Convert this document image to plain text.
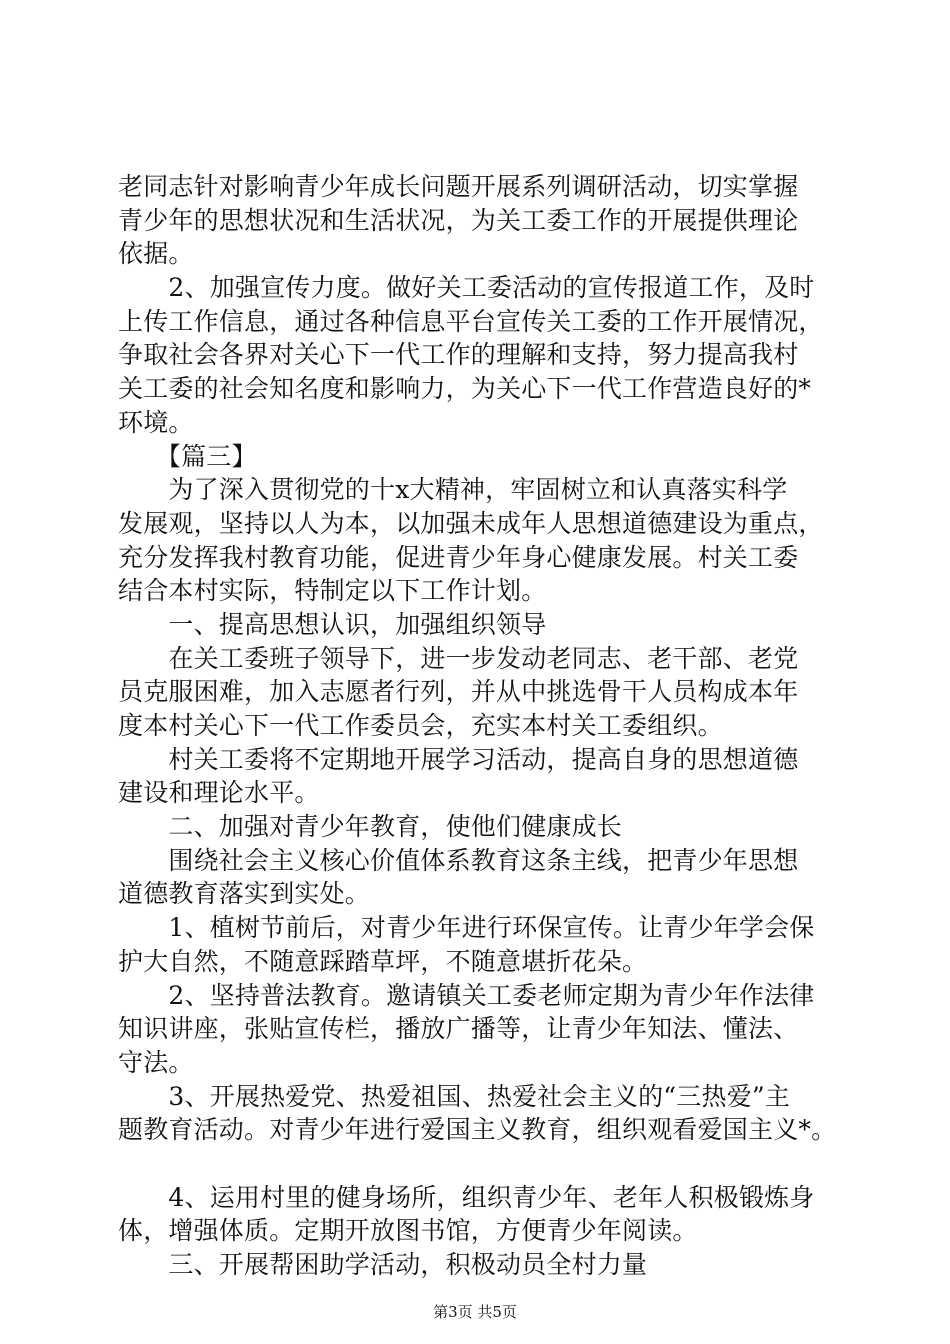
老同志针对影响青少年成长问题开展系列调研活动，切实掌握
青少年的思想状况和生活状况，为关工委工作的开展提供理论
依据。
　　2、加强宣传力度。做好关工委活动的宣传报道工作，及时
上传工作信息，通过各种信息平台宣传关工委的工作开展情况，
争取社会各界对关心下一代工作的理解和支持，努力提高我村
关工委的社会知名度和影响力，为关心下一代工作营造良好的*
环境。
　　【篇三】
　　为了深入贯彻党的十x大精神，牢固树立和认真落实科学
发展观，坚持以人为本，以加强未成年人思想道德建设为重点，
充分发挥我村教育功能，促进青少年身心健康发展。村关工委
结合本村实际，特制定以下工作计划。
　　一、提高思想认识，加强组织领导
　　在关工委班子领导下，进一步发动老同志、老干部、老党
员克服困难，加入志愿者行列，并从中挑选骨干人员构成本年
度本村关心下一代工作委员会，充实本村关工委组织。
　　村关工委将不定期地开展学习活动，提高自身的思想道德
建设和理论水平。
　　二、加强对青少年教育，使他们健康成长
　　围绕社会主义核心价值体系教育这条主线，把青少年思想
道德教育落实到实处。
　　1、植树节前后，对青少年进行环保宣传。让青少年学会保
护大自然，不随意踩踏草坪，不随意堪折花朵。
　　2、坚持普法教育。邀请镇关工委老师定期为青少年作法律
知识讲座，张贴宣传栏，播放广播等，让青少年知法、懂法、
守法。
　　3、开展热爱党、热爱祖国、热爱社会主义的“三热爱”主
题教育活动。对青少年进行爱国主义教育，组织观看爱国主义*。
　　4、运用村里的健身场所，组织青少年、老年人积极锻炼身
体，增强体质。定期开放图书馆，方便青少年阅读。
　　三、开展帮困助学活动，积极动员全村力量
第3页 共5页
